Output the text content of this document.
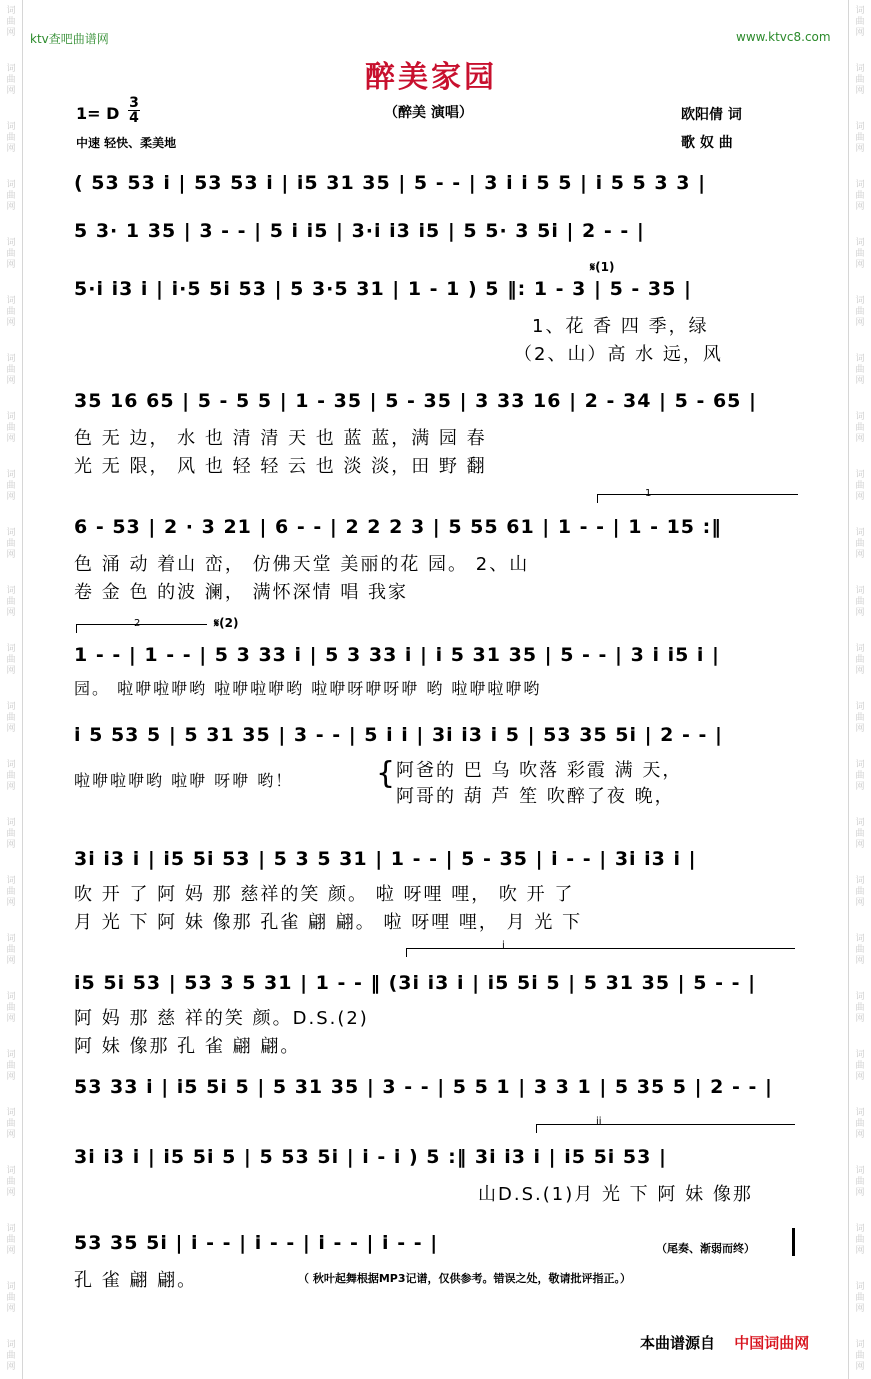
词
曲
网
词
曲
网
词
曲
网
词
曲
网
词
曲
网
词
曲
网
词
曲
网
词
曲
网
词
曲
网
词
曲
网
词
曲
网
词
曲
网
词
曲
网
词
曲
网
词
曲
网
词
曲
网
词
曲
网
词
曲
网
词
曲
网
词
曲
网
词
曲
网
词
曲
网
词
曲
网
词
曲
网
词
曲
网
词
曲
网
词
曲
网
词
曲
网
词
曲
网
词
曲
网
词
曲
网
词
曲
网
词
曲
网
词
曲
网
词
曲
网
词
曲
网
词
曲
网
词
曲
网
词
曲
网
词
曲
网
词
曲
网
词
曲
网
词
曲
网
词
曲
网
词
曲
网
词
曲
网
词
曲
网
词
曲
网
ktv查吧曲谱网	www.ktvc8.com
醉美家园
（醉美 演唱）
1= D $\frac{3}{4}$
中速 轻快、柔美地
欧阳倩 词
歌 奴 曲
( 53 53 i | 53 53 i | i5 31 35 | 5 - - | 3 i i 5 5 | i 5 5 3 3 |
5 3· 1 35 | 3 - - | 5 i i5 | 3·i i3 i5 | 5 5· 3 5i | 2 - - |
𝄋(1)
5·i i3 i | i·5 5i 53 | 5 3·5 31 | 1 - 1 ) 5 ‖: 1 - 3 | 5 - 35 |
1、花 香 四 季，绿
（2、山）高 水 远，风
35 16 65 | 5 - 5 5 | 1 - 35 | 5 - 35 | 3 33 16 | 2 - 34 | 5 - 65 |
色 无 边， 水 也 清 清 天 也 蓝 蓝，满 园 春
光 无 限， 风 也 轻 轻 云 也 淡 淡，田 野 翻
1
6 - 53 | 2 · 3 21 | 6 - - | 2 2 2 3 | 5 55 61 | 1 - - | 1 - 15 :‖
色 涌 动 着山 峦， 仿佛天堂 美丽的花 园。 2、山
卷 金 色 的波 澜， 满怀深情 唱 我家
2	𝄋(2)
1 - - | 1 - - | 5 3 33 i | 5 3 33 i | i 5 31 35 | 5 - - | 3 i i5 i |
园。 啦咿啦咿哟 啦咿啦咿哟 啦咿呀咿呀咿 哟 啦咿啦咿哟
i 5 53 5 | 5 31 35 | 3 - - | 5 i i | 3i i3 i 5 | 53 35 5i | 2 - - |
啦咿啦咿哟 啦咿 呀咿 哟！	{ 阿爸的 巴 乌 吹落 彩霞 满 天，
阿哥的 葫 芦 笙 吹醉了夜 晚，
3i i3 i | i5 5i 53 | 5 3 5 31 | 1 - - | 5 - 35 | i - - | 3i i3 i |
吹 开 了 阿 妈 那 慈祥的笑 颜。 啦 呀哩 哩， 吹 开 了
月 光 下 阿 妹 像那 孔雀 翩 翩。 啦 呀哩 哩， 月 光 下
i
i5 5i 53 | 53 3 5 31 | 1 - - ‖ (3i i3 i | i5 5i 5 | 5 31 35 | 5 - - |
阿 妈 那 慈 祥的笑 颜。D.S.(2)
阿 妹 像那 孔 雀 翩 翩。
53 33 i | i5 5i 5 | 5 31 35 | 3 - - | 5 5 1 | 3 3 1 | 5 35 5 | 2 - - |
ii
3i i3 i | i5 5i 5 | 5 53 5i | i - i ) 5 :‖ 3i i3 i | i5 5i 53 |
山D.S.(1)月 光 下 阿 妹 像那
53 35 5i | i - - | i - - | i - - | i - - |	（尾奏、渐弱而终）
孔 雀 翩 翩。	（ 秋叶起舞根据MP3记谱，仅供参考。错误之处，敬请批评指正。）
本曲谱源自 中国词曲网
